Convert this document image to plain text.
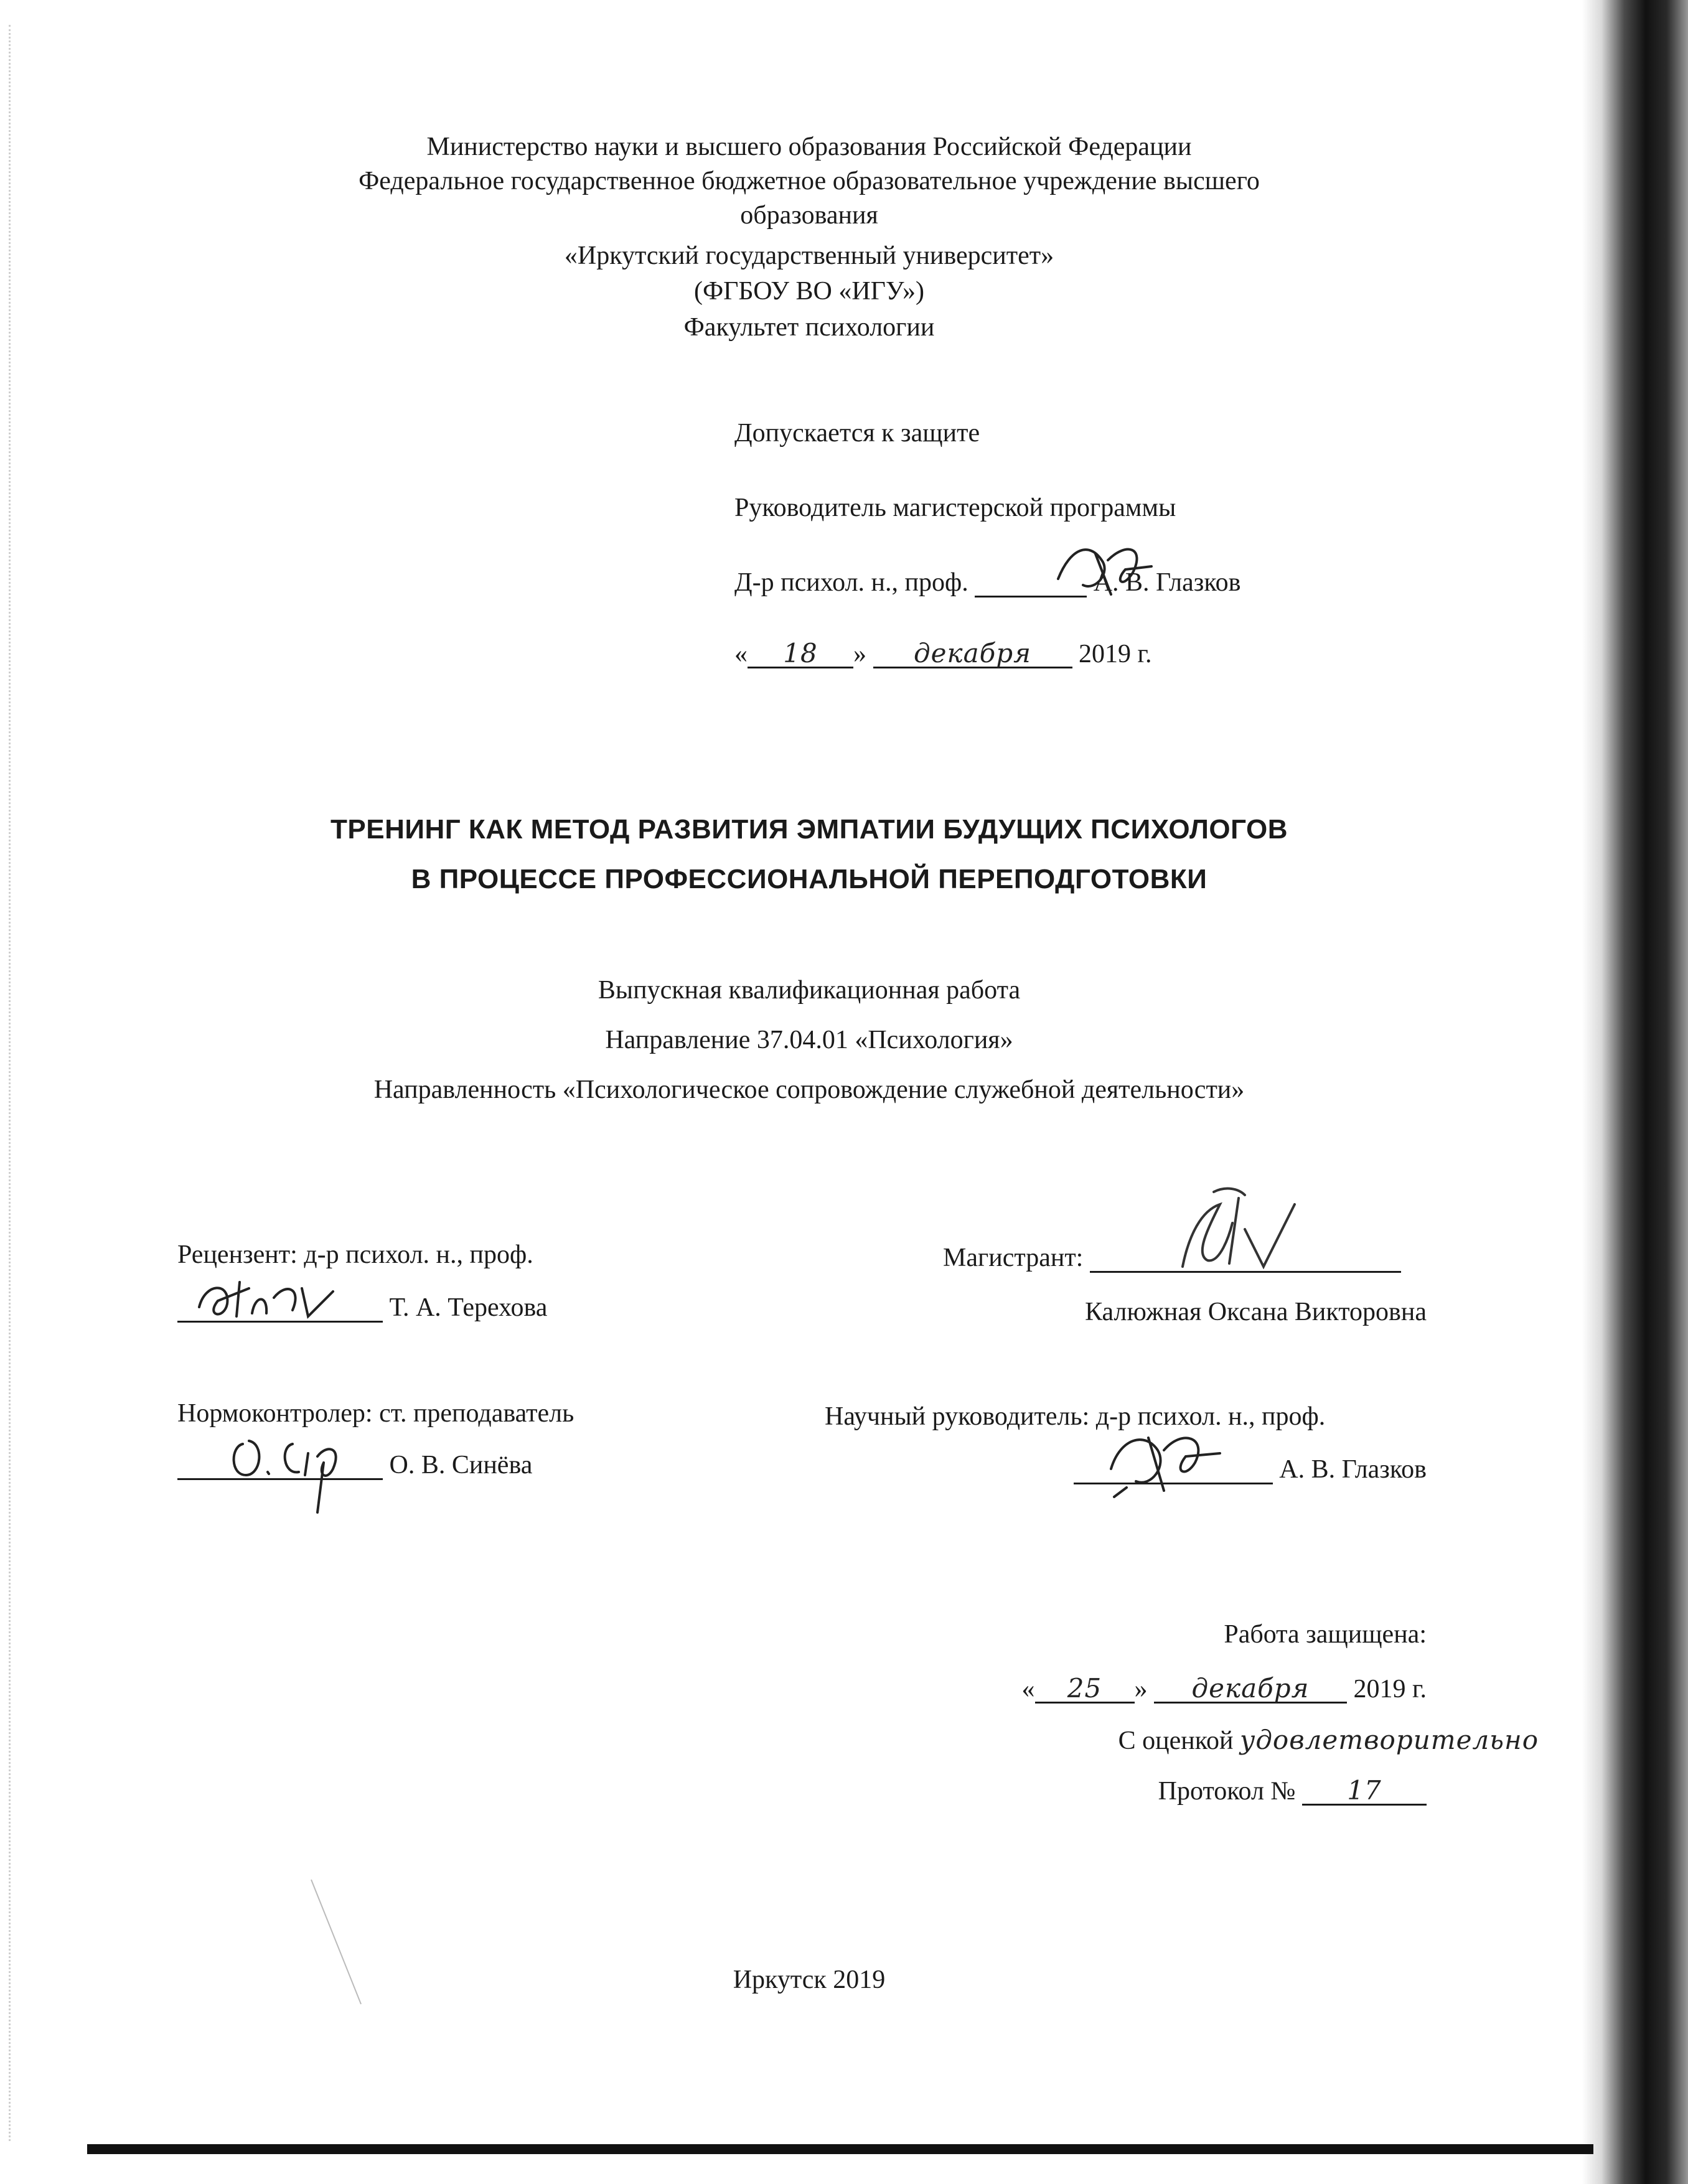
Министерство науки и высшего образования Российской Федерации
Федеральное государственное бюджетное образовательное учреждение высшего
образования
«Иркутский государственный университет»
(ФГБОУ ВО «ИГУ»)
Факультет психологии
Допускается к защите
Руководитель магистерской программы
Д-р психол. н., проф.	А. В. Глазков
« 18 » декабря 2019 г.
ТРЕНИНГ КАК МЕТОД РАЗВИТИЯ ЭМПАТИИ БУДУЩИХ ПСИХОЛОГОВ
В ПРОЦЕССЕ ПРОФЕССИОНАЛЬНОЙ ПЕРЕПОДГОТОВКИ
Выпускная квалификационная работа
Направление 37.04.01 «Психология»
Направленность «Психологическое сопровождение служебной деятельности»
Рецензент: д-р психол. н., проф.
Т. А. Терехова
Магистрант:
Калюжная Оксана Викторовна
Нормоконтролер: ст. преподаватель
О. В. Синёва
Научный руководитель: д-р психол. н., проф.
А. В. Глазков
Работа защищена:
« 25 » декабря 2019 г.
С оценкой удовлетворительно
Протокол № 17
Иркутск 2019
